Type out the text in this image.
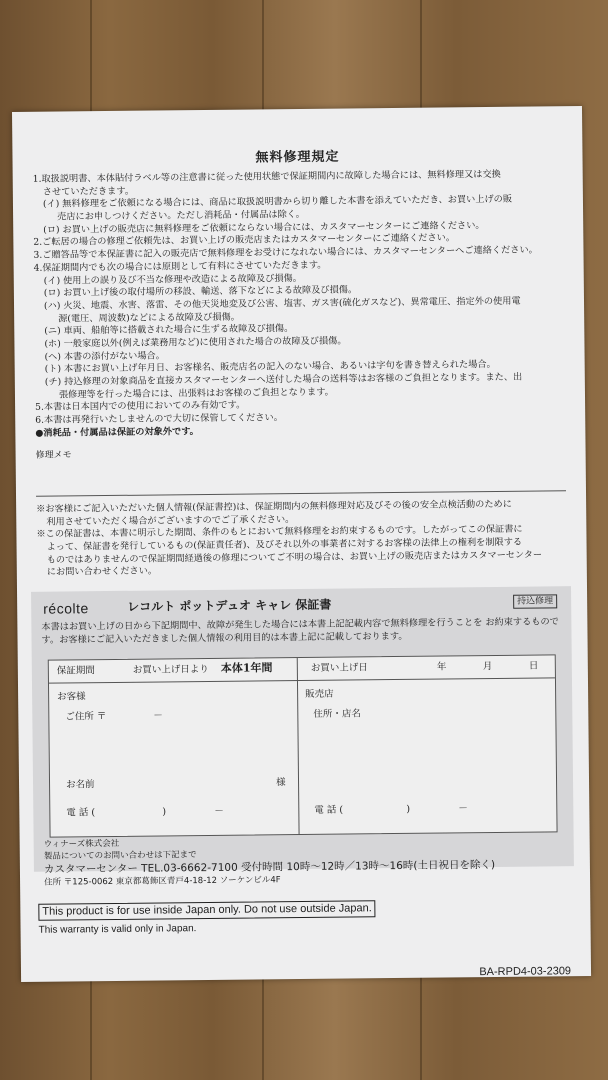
無料修理規定
1.取扱説明書、本体貼付ラベル等の注意書に従った使用状態で保証期間内に故障した場合には、無料修理又は交換
させていただきます。
(イ) 無料修理をご依頼になる場合には、商品に取扱説明書から切り離した本書を添えていただき、お買い上げの販
売店にお申しつけください。ただし消耗品・付属品は除く。
(ロ) お買い上げの販売店に無料修理をご依頼にならない場合には、カスタマーセンターにご連絡ください。
2.ご転居の場合の修理ご依頼先は、お買い上げの販売店またはカスタマーセンターにご連絡ください。
3.ご贈答品等で本保証書に記入の販売店で無料修理をお受けになれない場合には、カスタマーセンターへご連絡ください。
4.保証期間内でも次の場合には原則として有料にさせていただきます。
(イ) 使用上の誤り及び不当な修理や改造による故障及び損傷。
(ロ) お買い上げ後の取付場所の移設、輸送、落下などによる故障及び損傷。
(ハ) 火災、地震、水害、落雷、その他天災地変及び公害、塩害、ガス害(硫化ガスなど)、異常電圧、指定外の使用電
源(電圧、周波数)などによる故障及び損傷。
(ニ) 車両、船舶等に搭載された場合に生ずる故障及び損傷。
(ホ) 一般家庭以外(例えば業務用など)に使用された場合の故障及び損傷。
(ヘ) 本書の添付がない場合。
(ト) 本書にお買い上げ年月日、お客様名、販売店名の記入のない場合、あるいは字句を書き替えられた場合。
(チ) 持込修理の対象商品を直接カスタマーセンターへ送付した場合の送料等はお客様のご負担となります。また、出
張修理等を行った場合には、出張料はお客様のご負担となります。
5.本書は日本国内での使用においてのみ有効です。
6.本書は再発行いたしませんので大切に保管してください。
●消耗品・付属品は保証の対象外です。
修理メモ
※お客様にご記入いただいた個人情報(保証書控)は、保証期間内の無料修理対応及びその後の安全点検活動のために
利用させていただく場合がございますのでご了承ください。
※この保証書は、本書に明示した期間、条件のもとにおいて無料修理をお約束するものです。したがってこの保証書に
よって、保証書を発行しているもの(保証責任者)、及びそれ以外の事業者に対するお客様の法律上の権利を制限する
ものではありませんので保証期間経過後の修理についてご不明の場合は、お買い上げの販売店またはカスタマーセンター
にお問い合わせください。
récolte	レコルト ポットデュオ キャレ 保証書	持込修理
本書はお買い上げの日から下記期間中、故障が発生した場合には本書上記記載内容で無料修理を行うことを お約束するものです。お客様にご記入いただきました個人情報の利用目的は本書上記に記載しております。
保証期間	お買い上げ日より 本体1年間	お買い上げ日	年	月	日
お客様
ご住所 〒	－
お名前	様
電 話 (	)	－
販売店
住所・店名
電 話 (	)	－
ウィナーズ株式会社
製品についてのお問い合わせは下記まで
カスタマーセンター TEL.03-6662-7100 受付時間 10時～12時／13時～16時(土日祝日を除く)
住所 〒125-0062 東京都葛飾区青戸4-18-12 ソーケンビル4F
This product is for use inside Japan only. Do not use outside Japan.
This warranty is valid only in Japan.
BA-RPD4-03-2309
